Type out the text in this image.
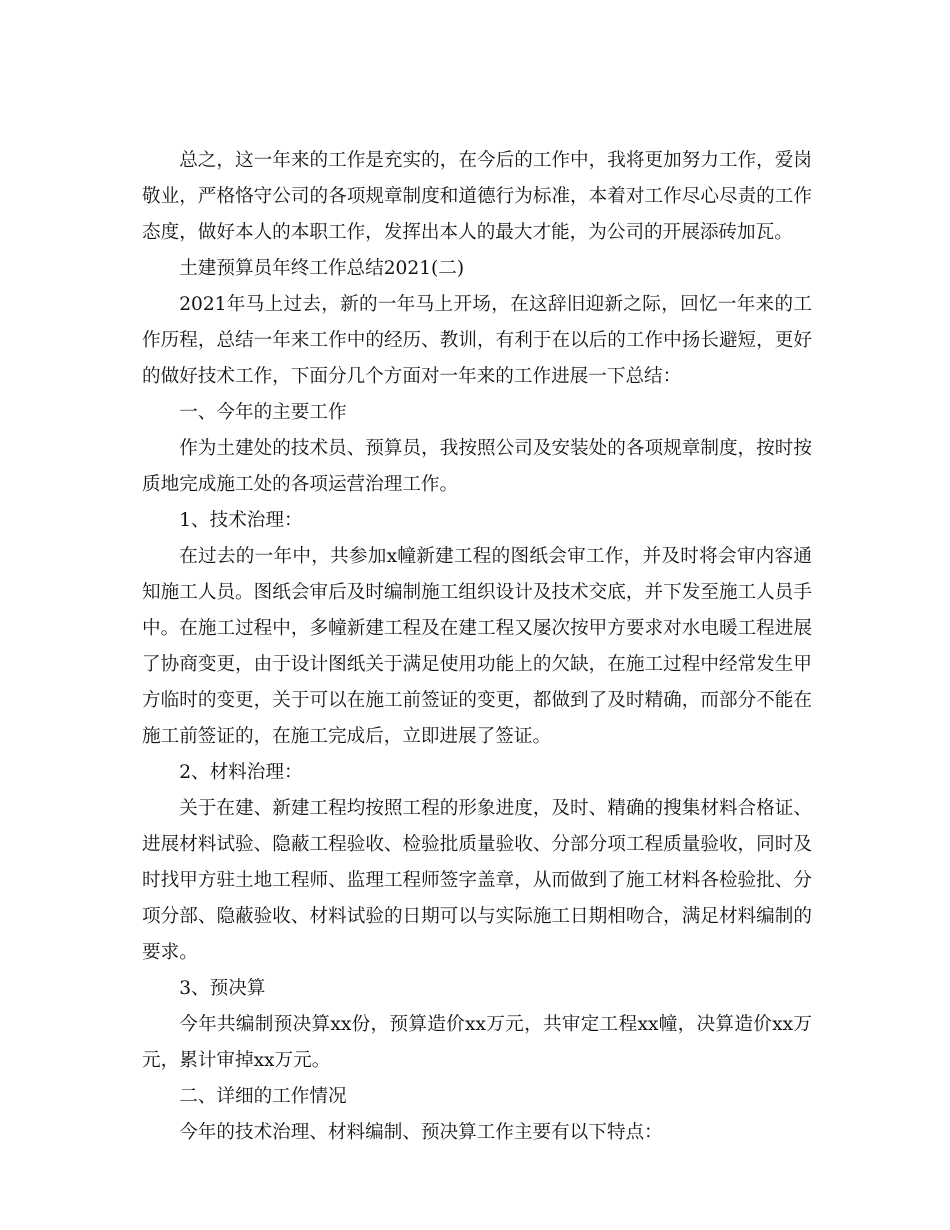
总之，这一年来的工作是充实的，在今后的工作中，我将更加努力工作，爱岗敬业，严格恪守公司的各项规章制度和道德行为标准，本着对工作尽心尽责的工作态度，做好本人的本职工作，发挥出本人的最大才能，为公司的开展添砖加瓦。

土建预算员年终工作总结2021(二)

2021年马上过去，新的一年马上开场，在这辞旧迎新之际，回忆一年来的工作历程，总结一年来工作中的经历、教训，有利于在以后的工作中扬长避短，更好的做好技术工作，下面分几个方面对一年来的工作进展一下总结：

一、今年的主要工作

作为土建处的技术员、预算员，我按照公司及安装处的各项规章制度，按时按质地完成施工处的各项运营治理工作。

1、技术治理：

在过去的一年中，共参加x幢新建工程的图纸会审工作，并及时将会审内容通知施工人员。图纸会审后及时编制施工组织设计及技术交底，并下发至施工人员手中。在施工过程中，多幢新建工程及在建工程又屡次按甲方要求对水电暖工程进展了协商变更，由于设计图纸关于满足使用功能上的欠缺，在施工过程中经常发生甲方临时的变更，关于可以在施工前签证的变更，都做到了及时精确，而部分不能在施工前签证的，在施工完成后，立即进展了签证。

2、材料治理：

关于在建、新建工程均按照工程的形象进度，及时、精确的搜集材料合格证、进展材料试验、隐蔽工程验收、检验批质量验收、分部分项工程质量验收，同时及时找甲方驻土地工程师、监理工程师签字盖章，从而做到了施工材料各检验批、分项分部、隐蔽验收、材料试验的日期可以与实际施工日期相吻合，满足材料编制的要求。

3、预决算

今年共编制预决算xx份，预算造价xx万元，共审定工程xx幢，决算造价xx万元，累计审掉xx万元。

二、详细的工作情况

今年的技术治理、材料编制、预决算工作主要有以下特点：
